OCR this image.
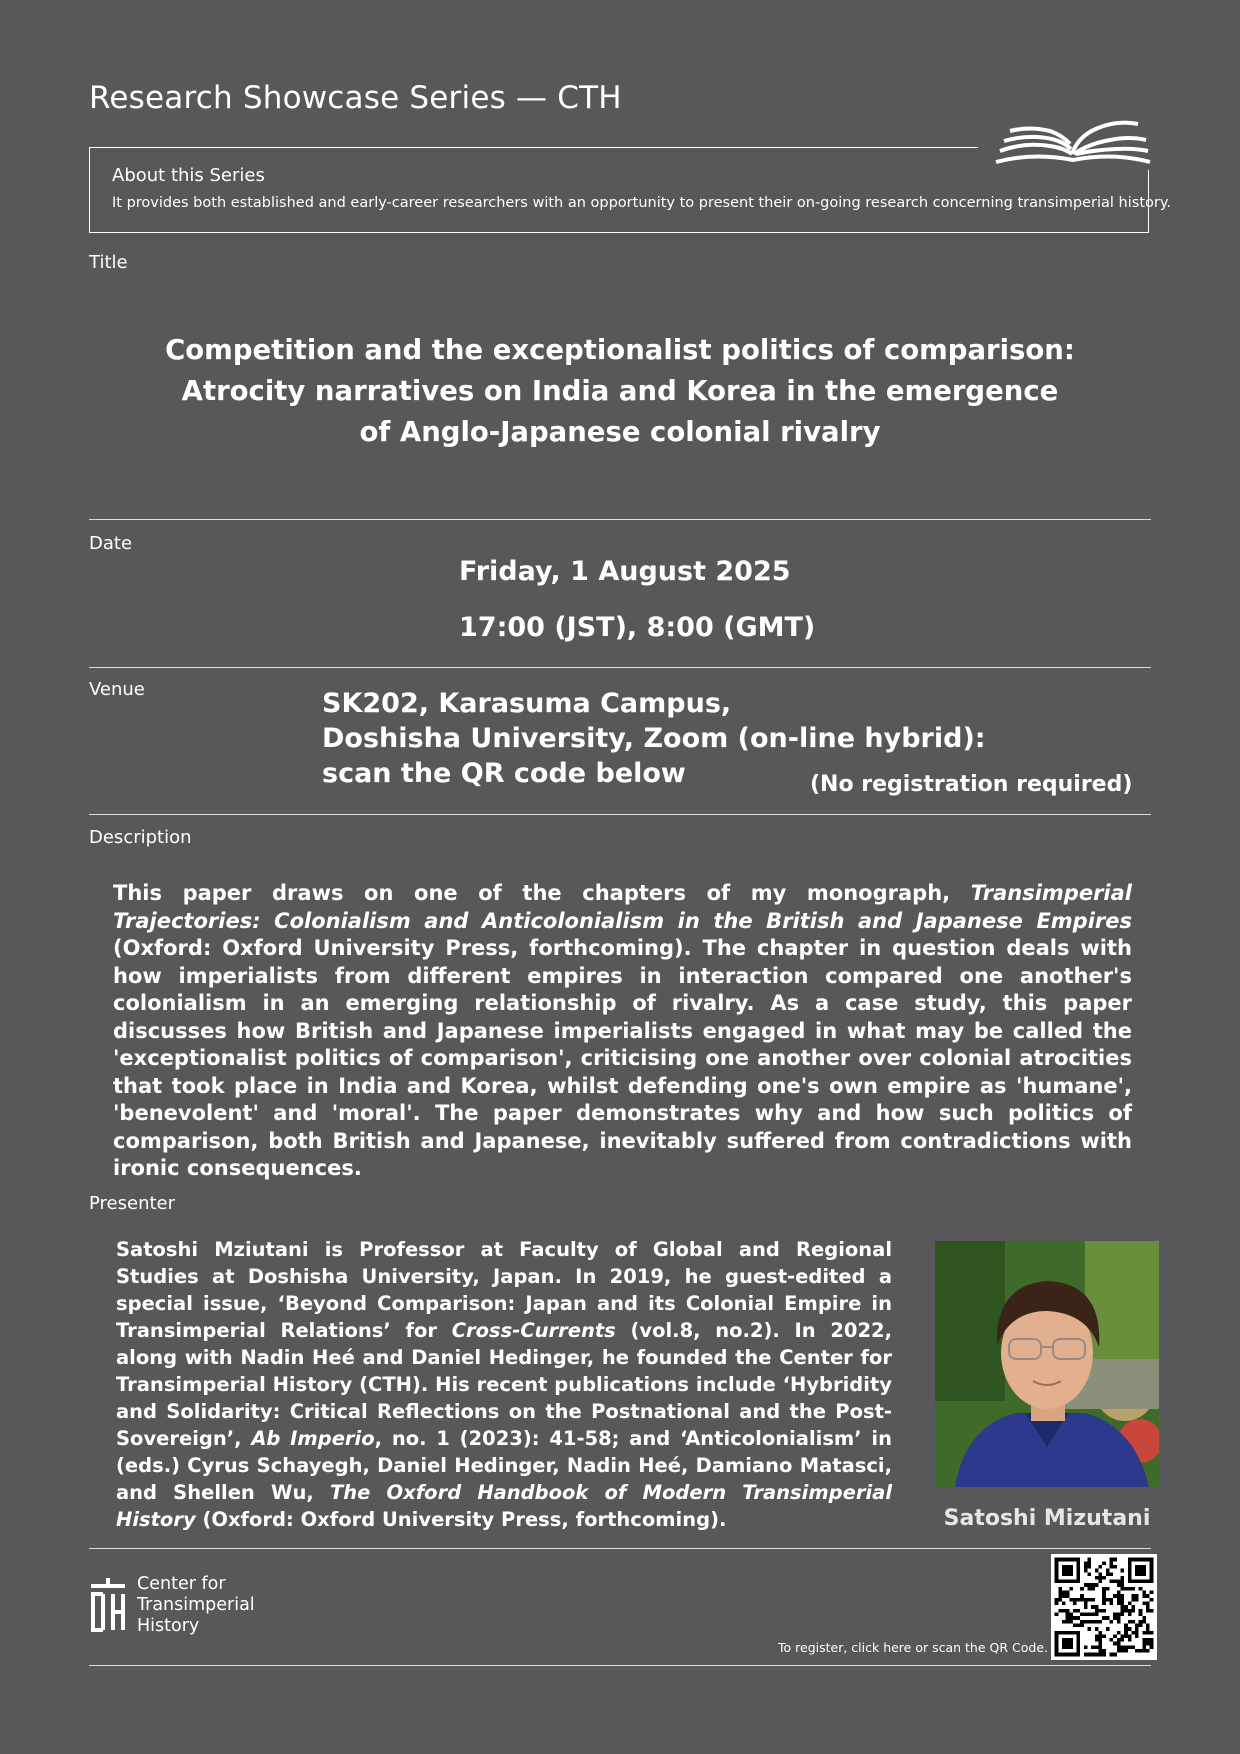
Research Showcase Series — CTH
About this Series
It provides both established and early-career researchers with an opportunity to present their on-going research concerning transimperial history.
Title
Competition and the exceptionalist politics of comparison:
Atrocity narratives on India and Korea in the emergence
of Anglo-Japanese colonial rivalry
Date
Friday, 1 August 2025
17:00 (JST), 8:00 (GMT)
Venue	SK202, Karasuma Campus,
Doshisha University, Zoom (on-line hybrid):
scan the QR code below	(No registration required)
Description
This paper draws on one of the chapters of my monograph, Transimperial Trajectories: Colonialism and Anticolonialism in the British and Japanese Empires (Oxford: Oxford University Press, forthcoming). The chapter in question deals with how imperialists from different empires in interaction compared one another's colonialism in an emerging relationship of rivalry. As a case study, this paper discusses how British and Japanese imperialists engaged in what may be called the 'exceptionalist politics of comparison', criticising one another over colonial atrocities that took place in India and Korea, whilst defending one's own empire as 'humane', 'benevolent' and 'moral'. The paper demonstrates why and how such politics of comparison, both British and Japanese, inevitably suffered from contradictions with ironic consequences.
Presenter
Satoshi Mziutani is Professor at Faculty of Global and Regional Studies at Doshisha University, Japan. In 2019, he guest-edited a special issue, ‘Beyond Comparison: Japan and its Colonial Empire in Transimperial Relations’ for Cross-Currents (vol.8, no.2). In 2022, along with Nadin Heé and Daniel Hedinger, he founded the Center for Transimperial History (CTH). His recent publications include ‘Hybridity and Solidarity: Critical Reflections on the Postnational and the Post-Sovereign’, Ab Imperio, no. 1 (2023): 41-58; and ‘Anticolonialism’ in (eds.) Cyrus Schayegh, Daniel Hedinger, Nadin Heé, Damiano Matasci, and Shellen Wu, The Oxford Handbook of Modern Transimperial History (Oxford: Oxford University Press, forthcoming).	Satoshi Mizutani
Center for
Transimperial
History
To register, click here or scan the QR Code.
